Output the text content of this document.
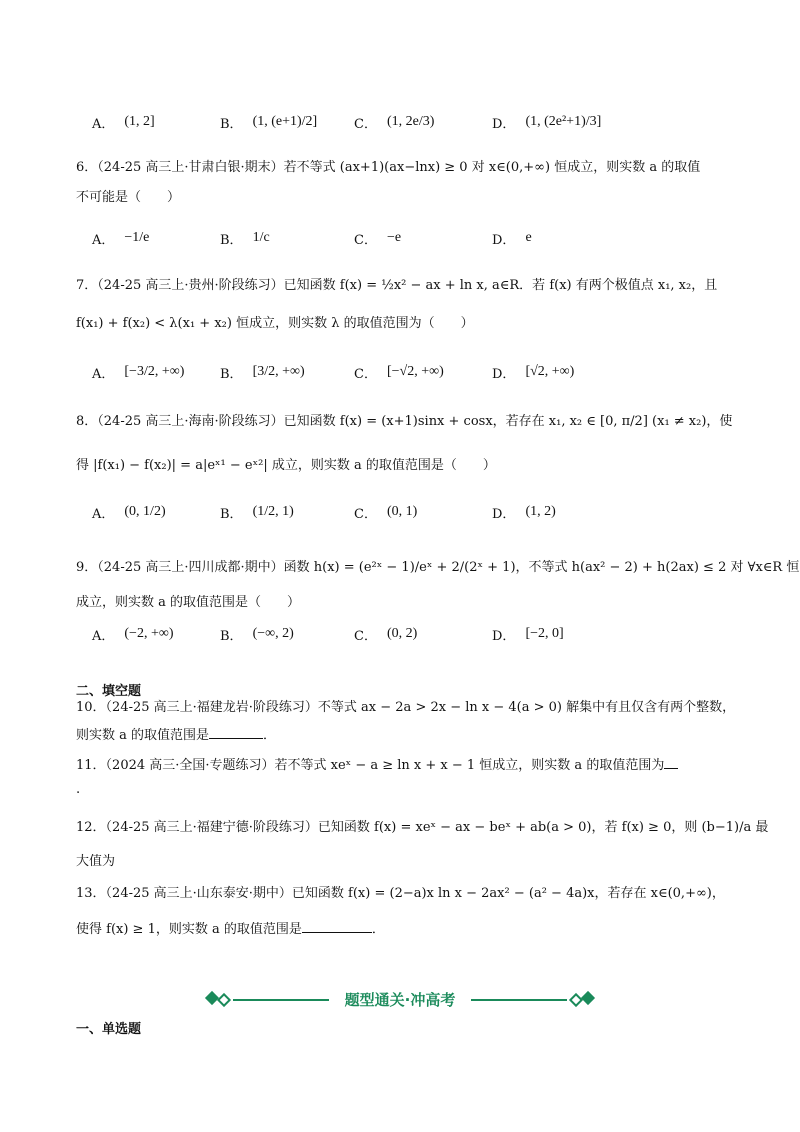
A． (1, 2]	B． (1, (e+1)/2]	C． (1, 2e/3)	D． (1, (2e²+1)/3]
6．（24-25 高三上·甘肃白银·期末）若不等式 (ax+1)(ax−lnx) ≥ 0 对 x∈(0,+∞) 恒成立，则实数 a 的取值
不可能是（　　）
A． −1/e	B． 1/c	C． −e	D． e
7．（24-25 高三上·贵州·阶段练习）已知函数 f(x) = ½x² − ax + ln x, a∈R．若 f(x) 有两个极值点 x₁, x₂，且
f(x₁) + f(x₂) < λ(x₁ + x₂) 恒成立，则实数 λ 的取值范围为（　　）
A． [−3/2, +∞)	B． [3/2, +∞)	C． [−√2, +∞)	D． [√2, +∞)
8．（24-25 高三上·海南·阶段练习）已知函数 f(x) = (x+1)sinx + cosx，若存在 x₁, x₂ ∈ [0, π/2] (x₁ ≠ x₂)，使
得 |f(x₁) − f(x₂)| = a|eˣ¹ − eˣ²| 成立，则实数 a 的取值范围是（　　）
A． (0, 1/2)	B． (1/2, 1)	C． (0, 1)	D． (1, 2)
9．（24-25 高三上·四川成都·期中）函数 h(x) = (e²ˣ − 1)/eˣ + 2/(2ˣ + 1)，不等式 h(ax² − 2) + h(2ax) ≤ 2 对 ∀x∈R 恒
成立，则实数 a 的取值范围是（　　）
A． (−2, +∞)	B． (−∞, 2)	C． (0, 2)	D． [−2, 0]
二、填空题
10．（24-25 高三上·福建龙岩·阶段练习）不等式 ax − 2a > 2x − ln x − 4(a > 0) 解集中有且仅含有两个整数，
则实数 a 的取值范围是	．
11．（2024 高三·全国·专题练习）若不等式 xeˣ − a ≥ ln x + x − 1 恒成立，则实数 a 的取值范围为
.
12．（24-25 高三上·福建宁德·阶段练习）已知函数 f(x) = xeˣ − ax − beˣ + ab(a > 0)，若 f(x) ≥ 0，则 (b−1)/a 最
大值为
13．（24-25 高三上·山东泰安·期中）已知函数 f(x) = (2−a)x ln x − 2ax² − (a² − 4a)x，若存在 x∈(0,+∞)，
使得 f(x) ≥ 1，则实数 a 的取值范围是	．
题型通关·冲高考
一、单选题
